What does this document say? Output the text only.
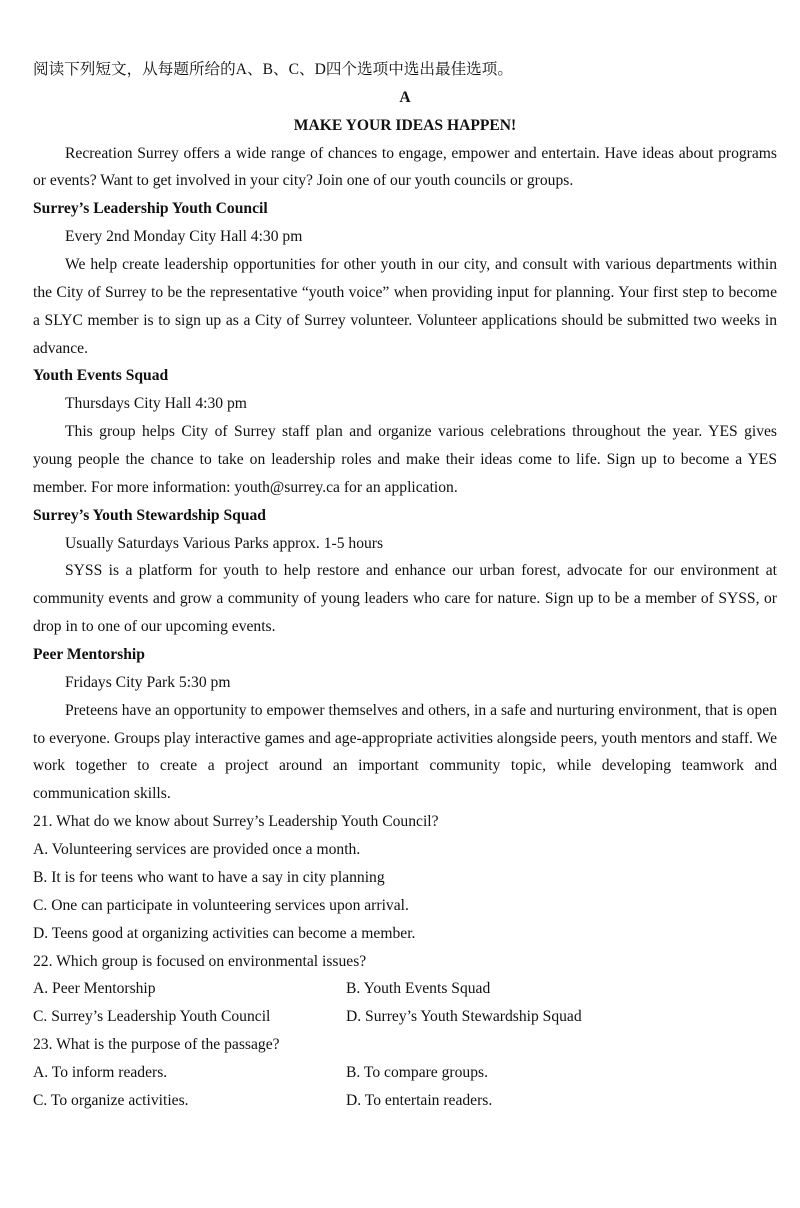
阅读下列短文，从每题所给的A、B、C、D四个选项中选出最佳选项。
A
MAKE YOUR IDEAS HAPPEN!

Recreation Surrey offers a wide range of chances to engage, empower and entertain. Have ideas about programs or events? Want to get involved in your city? Join one of our youth councils or groups.

Surrey’s Leadership Youth Council
Every 2nd Monday City Hall 4:30 pm

We help create leadership opportunities for other youth in our city, and consult with various departments within the City of Surrey to be the representative “youth voice” when providing input for planning. Your first step to become a SLYC member is to sign up as a City of Surrey volunteer. Volunteer applications should be submitted two weeks in advance.

Youth Events Squad
Thursdays City Hall 4:30 pm

This group helps City of Surrey staff plan and organize various celebrations throughout the year. YES gives young people the chance to take on leadership roles and make their ideas come to life. Sign up to become a YES member. For more information: youth@surrey.ca for an application.

Surrey’s Youth Stewardship Squad
Usually Saturdays Various Parks approx. 1-5 hours

SYSS is a platform for youth to help restore and enhance our urban forest, advocate for our environment at community events and grow a community of young leaders who care for nature. Sign up to be a member of SYSS, or drop in to one of our upcoming events.

Peer Mentorship
Fridays City Park 5:30 pm

Preteens have an opportunity to empower themselves and others, in a safe and nurturing environment, that is open to everyone. Groups play interactive games and age-appropriate activities alongside peers, youth mentors and staff. We work together to create a project around an important community topic, while developing teamwork and communication skills.

21. What do we know about Surrey’s Leadership Youth Council?
A. Volunteering services are provided once a month.
B. It is for teens who want to have a say in city planning
C. One can participate in volunteering services upon arrival.
D. Teens good at organizing activities can become a member.
22. Which group is focused on environmental issues?
A. Peer Mentorship	B. Youth Events Squad
C. Surrey’s Leadership Youth Council	D. Surrey’s Youth Stewardship Squad
23. What is the purpose of the passage?
A. To inform readers.	B. To compare groups.
C. To organize activities.	D. To entertain readers.
